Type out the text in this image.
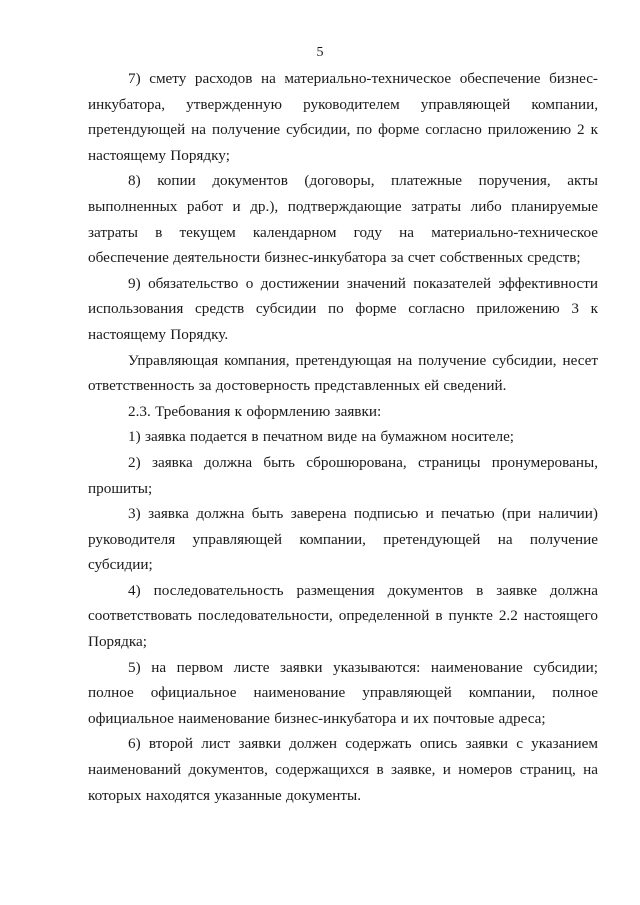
5

7) смету расходов на материально-техническое обеспечение бизнес-инкубатора, утвержденную руководителем управляющей компании, претендующей на получение субсидии, по форме согласно приложению 2 к настоящему Порядку;

8) копии документов (договоры, платежные поручения, акты выполненных работ и др.), подтверждающие затраты либо планируемые затраты в текущем календарном году на материально-техническое обеспечение деятельности бизнес-инкубатора за счет собственных средств;

9) обязательство о достижении значений показателей эффективности использования средств субсидии по форме согласно приложению 3 к настоящему Порядку.

Управляющая компания, претендующая на получение субсидии, несет ответственность за достоверность представленных ей сведений.

2.3. Требования к оформлению заявки:

1) заявка подается в печатном виде на бумажном носителе;

2) заявка должна быть сброшюрована, страницы пронумерованы, прошиты;

3) заявка должна быть заверена подписью и печатью (при наличии) руководителя управляющей компании, претендующей на получение субсидии;

4) последовательность размещения документов в заявке должна соответствовать последовательности, определенной в пункте 2.2 настоящего Порядка;

5) на первом листе заявки указываются: наименование субсидии; полное официальное наименование управляющей компании, полное официальное наименование бизнес-инкубатора и их почтовые адреса;

6) второй лист заявки должен содержать опись заявки с указанием наименований документов, содержащихся в заявке, и номеров страниц, на которых находятся указанные документы.
